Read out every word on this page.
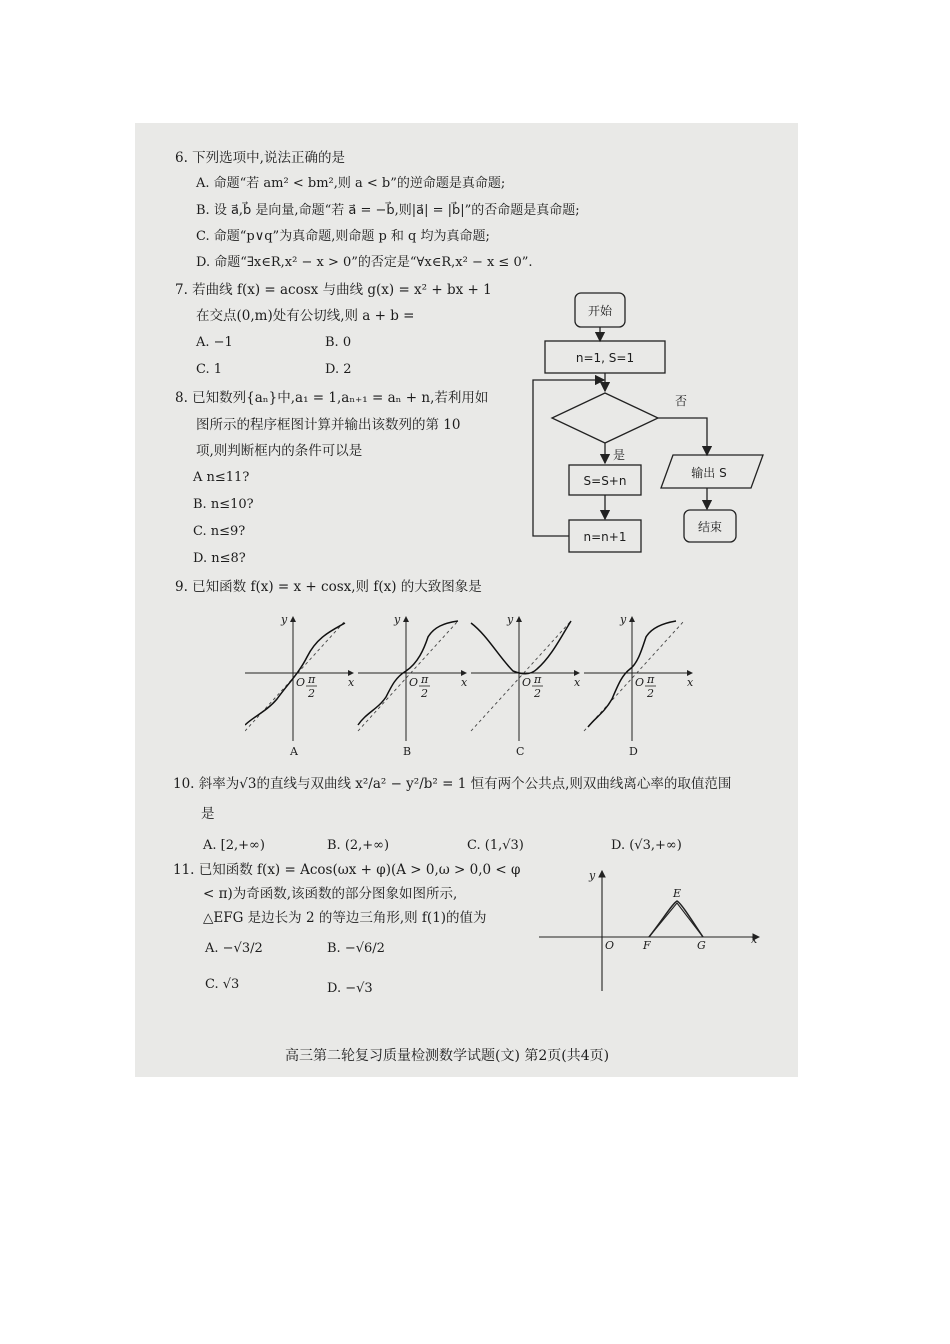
6. 下列选项中,说法正确的是
A. 命题“若 am² < bm²,则 a < b”的逆命题是真命题;
B. 设 a⃗,b⃗ 是向量,命题“若 a⃗ = −b⃗,则|a⃗| = |b⃗|”的否命题是真命题;
C. 命题“p∨q”为真命题,则命题 p 和 q 均为真命题;
D. 命题“∃x∈R,x² − x > 0”的否定是“∀x∈R,x² − x ≤ 0”.
7. 若曲线 f(x) = acosx 与曲线 g(x) = x² + bx + 1
在交点(0,m)处有公切线,则 a + b =
A. −1	B. 0
C. 1	D. 2
8. 已知数列{aₙ}中,a₁ = 1,aₙ₊₁ = aₙ + n,若利用如
图所示的程序框图计算并输出该数列的第 10
项,则判断框内的条件可以是
A n≤11?
B. n≤10?
C. n≤9?
D. n≤8?
开始
n=1, S=1
否
是
S=S+n
n=n+1
输出 S
结束
9. 已知函数 f(x) = x + cosx,则 f(x) 的大致图象是
y
x
O π
2
A
y
x
O π
2
B
y
x
O π
2
C
y
x
O π
2
D
10. 斜率为√3的直线与双曲线 x²/a² − y²/b² = 1 恒有两个公共点,则双曲线离心率的取值范围
是
A. [2,+∞)	B. (2,+∞)	C. (1,√3)	D. (√3,+∞)
11. 已知函数 f(x) = Acos(ωx + φ)(A > 0,ω > 0,0 < φ
< π)为奇函数,该函数的部分图象如图所示,
△EFG 是边长为 2 的等边三角形,则 f(1)的值为
A. −√3/2	B. −√6/2
C. √3	D. −√3
x
y
O
E
F	G
高三第二轮复习质量检测数学试题(文) 第2页(共4页)
